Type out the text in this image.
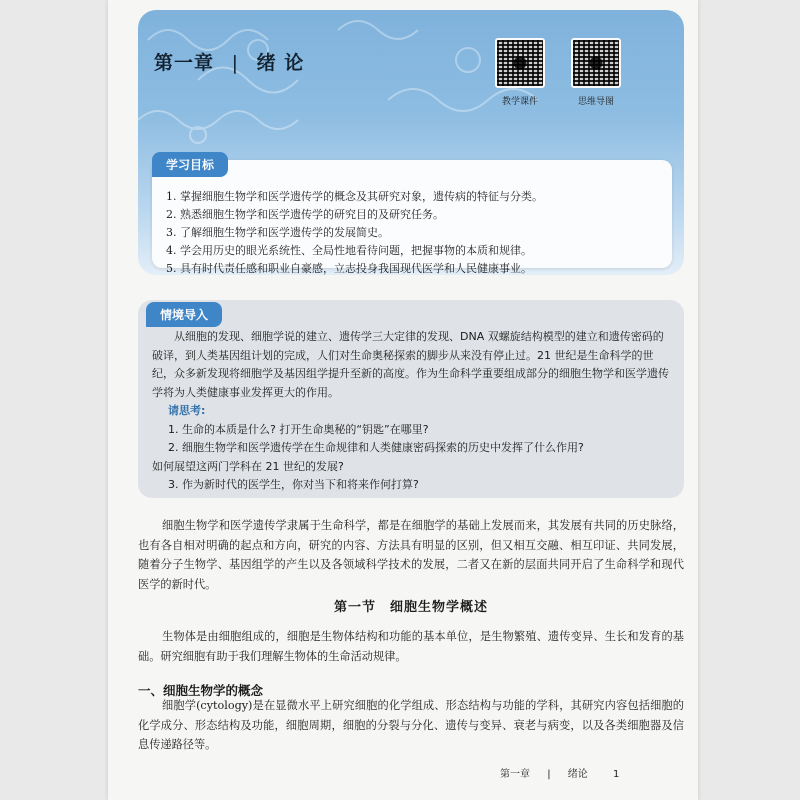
第一章 | 绪 论
教学课件	思维导图
学习目标
1. 掌握细胞生物学和医学遗传学的概念及其研究对象，遗传病的特征与分类。
2. 熟悉细胞生物学和医学遗传学的研究目的及研究任务。
3. 了解细胞生物学和医学遗传学的发展简史。
4. 学会用历史的眼光系统性、全局性地看待问题，把握事物的本质和规律。
5. 具有时代责任感和职业自豪感，立志投身我国现代医学和人民健康事业。
情境导入

从细胞的发现、细胞学说的建立、遗传学三大定律的发现、DNA 双螺旋结构模型的建立和遗传密码的破译，到人类基因组计划的完成，人们对生命奥秘探索的脚步从来没有停止过。21 世纪是生命科学的世纪，众多新发现将细胞学及基因组学提升至新的高度。作为生命科学重要组成部分的细胞生物学和医学遗传学将为人类健康事业发挥更大的作用。

请思考:

1. 生命的本质是什么? 打开生命奥秘的“钥匙”在哪里?

2. 细胞生物学和医学遗传学在生命规律和人类健康密码探索的历史中发挥了什么作用?

如何展望这两门学科在 21 世纪的发展?

3. 作为新时代的医学生，你对当下和将来作何打算?

细胞生物学和医学遗传学隶属于生命科学，都是在细胞学的基础上发展而来，其发展有共同的历史脉络，也有各自相对明确的起点和方向，研究的内容、方法具有明显的区别，但又相互交融、相互印证、共同发展，随着分子生物学、基因组学的产生以及各领域科学技术的发展，二者又在新的层面共同开启了生命科学和现代医学的新时代。

第一节　细胞生物学概述

生物体是由细胞组成的，细胞是生物体结构和功能的基本单位，是生物繁殖、遗传变异、生长和发育的基础。研究细胞有助于我们理解生物体的生命活动规律。

一、细胞生物学的概念

细胞学(cytology)是在显微水平上研究细胞的化学组成、形态结构与功能的学科，其研究内容包括细胞的化学成分、形态结构及功能，细胞周期，细胞的分裂与分化、遗传与变异、衰老与病变，以及各类细胞器及信息传递路径等。

第一章 | 绪论	1
